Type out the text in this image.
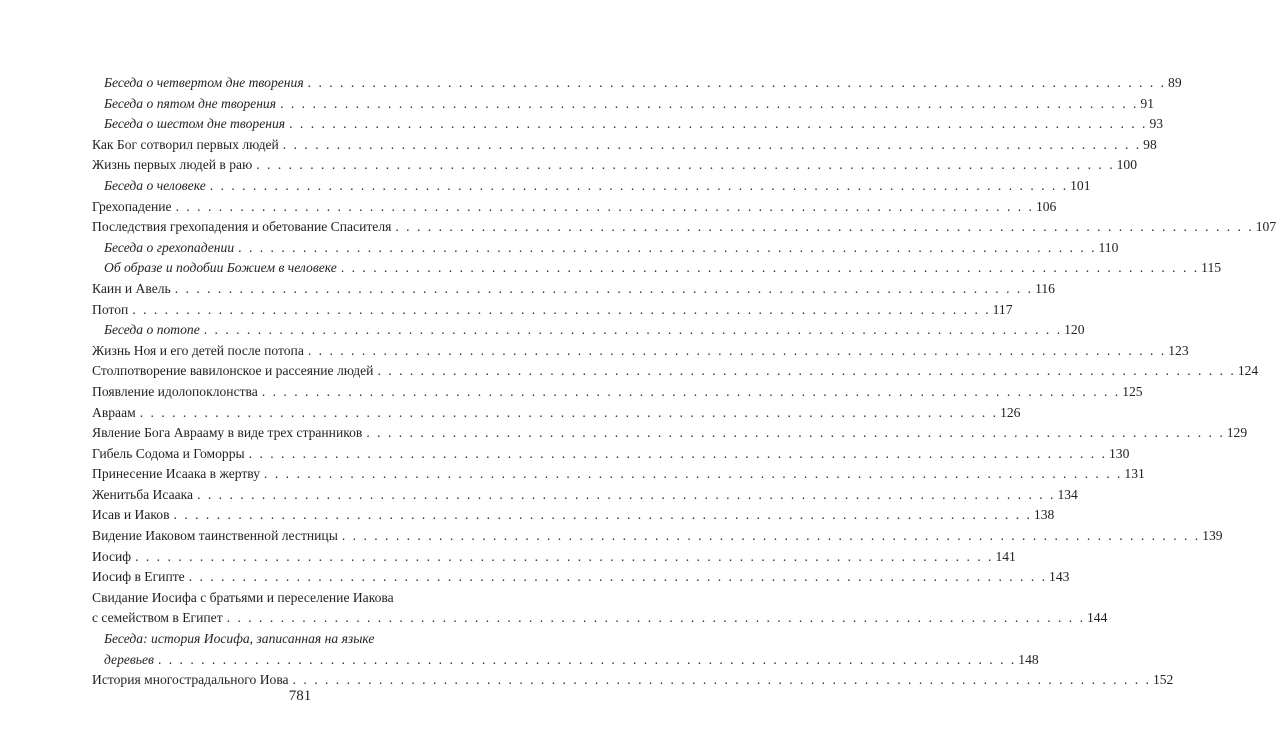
Беседа о четвертом дне творения . . . . . . . . . . . . . . . . . . . . . . . . . . . . . . . . . . . . . . . . . . . . . . . . . . . . . . . . . . . . . . . . . . . . . . . . . . . . . . . . 89
Беседа о пятом дне творения . . . . . . . . . . . . . . . . . . . . . . . . . . . . . . . . . . . . . . . . . . . . . . . . . . . . . . . . . . . . . . . . . . . . . . . . . . . . . . . . 91
Беседа о шестом дне творения . . . . . . . . . . . . . . . . . . . . . . . . . . . . . . . . . . . . . . . . . . . . . . . . . . . . . . . . . . . . . . . . . . . . . . . . . . . . . . . . 93
Как Бог сотворил первых людей . . . . . . . . . . . . . . . . . . . . . . . . . . . . . . . . . . . . . . . . . . . . . . . . . . . . . . . . . . . . . . . . . . . . . . . . . . . . . . . . 98
Жизнь первых людей в раю . . . . . . . . . . . . . . . . . . . . . . . . . . . . . . . . . . . . . . . . . . . . . . . . . . . . . . . . . . . . . . . . . . . . . . . . . . . . . . . . 100
Беседа о человеке . . . . . . . . . . . . . . . . . . . . . . . . . . . . . . . . . . . . . . . . . . . . . . . . . . . . . . . . . . . . . . . . . . . . . . . . . . . . . . . . 101
Грехопадение . . . . . . . . . . . . . . . . . . . . . . . . . . . . . . . . . . . . . . . . . . . . . . . . . . . . . . . . . . . . . . . . . . . . . . . . . . . . . . . . 106
Последствия грехопадения и обетование Спасителя . . . . . . . . . . . . . . . . . . . . . . . . . . . . . . . . . . . . . . . . . . . . . . . . . . . . . . . . . . . . . . . . . . . . . . . . . . . . . . . . 107
Беседа о грехопадении . . . . . . . . . . . . . . . . . . . . . . . . . . . . . . . . . . . . . . . . . . . . . . . . . . . . . . . . . . . . . . . . . . . . . . . . . . . . . . . . 110
Об образе и подобии Божием в человеке . . . . . . . . . . . . . . . . . . . . . . . . . . . . . . . . . . . . . . . . . . . . . . . . . . . . . . . . . . . . . . . . . . . . . . . . . . . . . . . . 115
Каин и Авель . . . . . . . . . . . . . . . . . . . . . . . . . . . . . . . . . . . . . . . . . . . . . . . . . . . . . . . . . . . . . . . . . . . . . . . . . . . . . . . . 116
Потоп . . . . . . . . . . . . . . . . . . . . . . . . . . . . . . . . . . . . . . . . . . . . . . . . . . . . . . . . . . . . . . . . . . . . . . . . . . . . . . . . 117
Беседа о потопе . . . . . . . . . . . . . . . . . . . . . . . . . . . . . . . . . . . . . . . . . . . . . . . . . . . . . . . . . . . . . . . . . . . . . . . . . . . . . . . . 120
Жизнь Ноя и его детей после потопа . . . . . . . . . . . . . . . . . . . . . . . . . . . . . . . . . . . . . . . . . . . . . . . . . . . . . . . . . . . . . . . . . . . . . . . . . . . . . . . . 123
Столпотворение вавилонское и рассеяние людей . . . . . . . . . . . . . . . . . . . . . . . . . . . . . . . . . . . . . . . . . . . . . . . . . . . . . . . . . . . . . . . . . . . . . . . . . . . . . . . . 124
Появление идолопоклонства . . . . . . . . . . . . . . . . . . . . . . . . . . . . . . . . . . . . . . . . . . . . . . . . . . . . . . . . . . . . . . . . . . . . . . . . . . . . . . . . 125
Авраам . . . . . . . . . . . . . . . . . . . . . . . . . . . . . . . . . . . . . . . . . . . . . . . . . . . . . . . . . . . . . . . . . . . . . . . . . . . . . . . . 126
Явление Бога Аврааму в виде трех странников . . . . . . . . . . . . . . . . . . . . . . . . . . . . . . . . . . . . . . . . . . . . . . . . . . . . . . . . . . . . . . . . . . . . . . . . . . . . . . . . 129
Гибель Содома и Гоморры . . . . . . . . . . . . . . . . . . . . . . . . . . . . . . . . . . . . . . . . . . . . . . . . . . . . . . . . . . . . . . . . . . . . . . . . . . . . . . . . 130
Принесение Исаака в жертву . . . . . . . . . . . . . . . . . . . . . . . . . . . . . . . . . . . . . . . . . . . . . . . . . . . . . . . . . . . . . . . . . . . . . . . . . . . . . . . . 131
Женитьба Исаака . . . . . . . . . . . . . . . . . . . . . . . . . . . . . . . . . . . . . . . . . . . . . . . . . . . . . . . . . . . . . . . . . . . . . . . . . . . . . . . . 134
Исав и Иаков . . . . . . . . . . . . . . . . . . . . . . . . . . . . . . . . . . . . . . . . . . . . . . . . . . . . . . . . . . . . . . . . . . . . . . . . . . . . . . . . 138
Видение Иаковом таинственной лестницы . . . . . . . . . . . . . . . . . . . . . . . . . . . . . . . . . . . . . . . . . . . . . . . . . . . . . . . . . . . . . . . . . . . . . . . . . . . . . . . . 139
Иосиф . . . . . . . . . . . . . . . . . . . . . . . . . . . . . . . . . . . . . . . . . . . . . . . . . . . . . . . . . . . . . . . . . . . . . . . . . . . . . . . . 141
Иосиф в Египте . . . . . . . . . . . . . . . . . . . . . . . . . . . . . . . . . . . . . . . . . . . . . . . . . . . . . . . . . . . . . . . . . . . . . . . . . . . . . . . . 143
Свидание Иосифа с братьями и переселение Иакова
с семейством в Египет . . . . . . . . . . . . . . . . . . . . . . . . . . . . . . . . . . . . . . . . . . . . . . . . . . . . . . . . . . . . . . . . . . . . . . . . . . . . . . . . 144
Беседа: история Иосифа, записанная на языке
деревьев . . . . . . . . . . . . . . . . . . . . . . . . . . . . . . . . . . . . . . . . . . . . . . . . . . . . . . . . . . . . . . . . . . . . . . . . . . . . . . . . 148
История многострадального Иова . . . . . . . . . . . . . . . . . . . . . . . . . . . . . . . . . . . . . . . . . . . . . . . . . . . . . . . . . . . . . . . . . . . . . . . . . . . . . . . . 152
781
